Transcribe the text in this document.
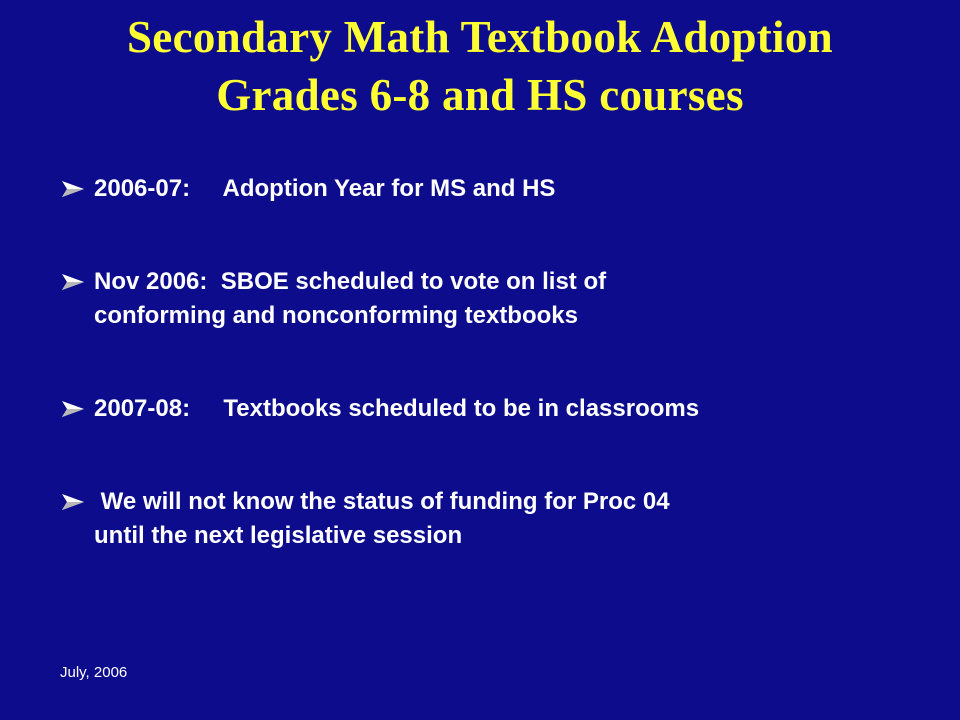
Secondary Math Textbook Adoption
Grades 6-8 and HS courses
2006-07:     Adoption Year for MS and HS
Nov 2006:  SBOE scheduled to vote on list of
conforming and nonconforming textbooks
2007-08:     Textbooks scheduled to be in classrooms
We will not know the status of funding for Proc 04
until the next legislative session
July, 2006
